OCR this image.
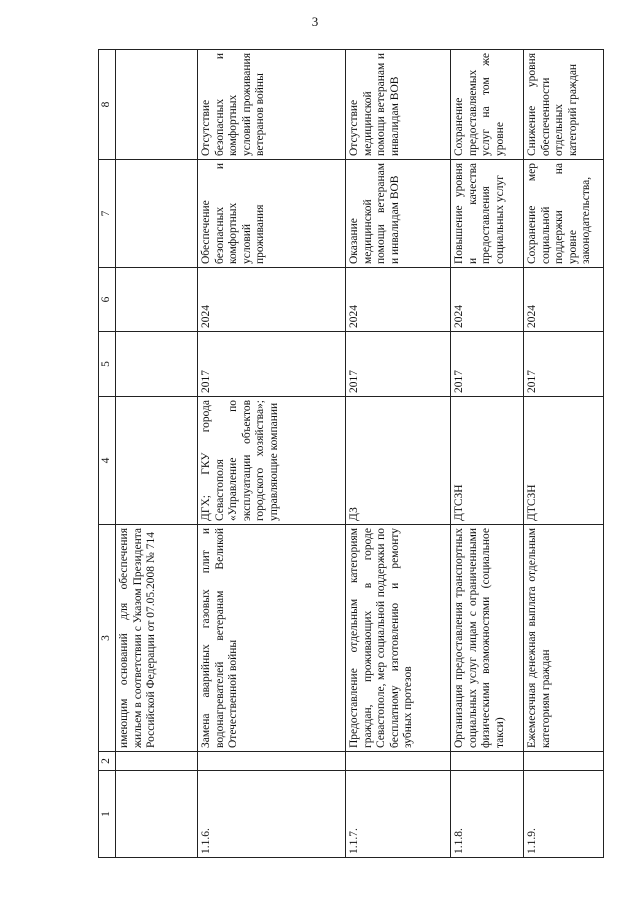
3
1	2	3	4	5	6	7	8
		имеющим оснований для обеспечения жильем в соответствии с Указом Президента Российской Федерации от 07.05.2008 № 714					
1.1.6.		Замена аварийных газовых плит и водонагревателей ветеранам Великой Отечественной войны	ДГХ; ГКУ города Севастополя «Управление по эксплуатации объектов городского хозяйства»; управляющие компании	2017	2024	Обеспечение безопасных и комфортных условий проживания	Отсутствие безопасных и комфортных условий проживания ветеранов войны
1.1.7.		Предоставление отдельным категориям граждан, проживающих в городе Севастополе, мер социальной поддержки по бесплатному изготовлению и ремонту зубных протезов	ДЗ	2017	2024	Оказание медицинской помощи ветеранам и инвалидам ВОВ	Отсутствие медицинской помощи ветеранам и инвалидам ВОВ
1.1.8.		Организация предоставления транспортных социальных услуг лицам с ограниченными физическими возможностями (социальное такси)	ДТСЗН	2017	2024	Повышение уровня и качества предоставления социальных услуг	Сохранение предоставляемых услуг на том же уровне
1.1.9.		Ежемесячная денежная выплата отдельным категориям граждан	ДТСЗН	2017	2024	Сохранение мер социальной поддержки на уровне законодательства,	Снижение уровня обеспеченности отдельных категорий граждан
